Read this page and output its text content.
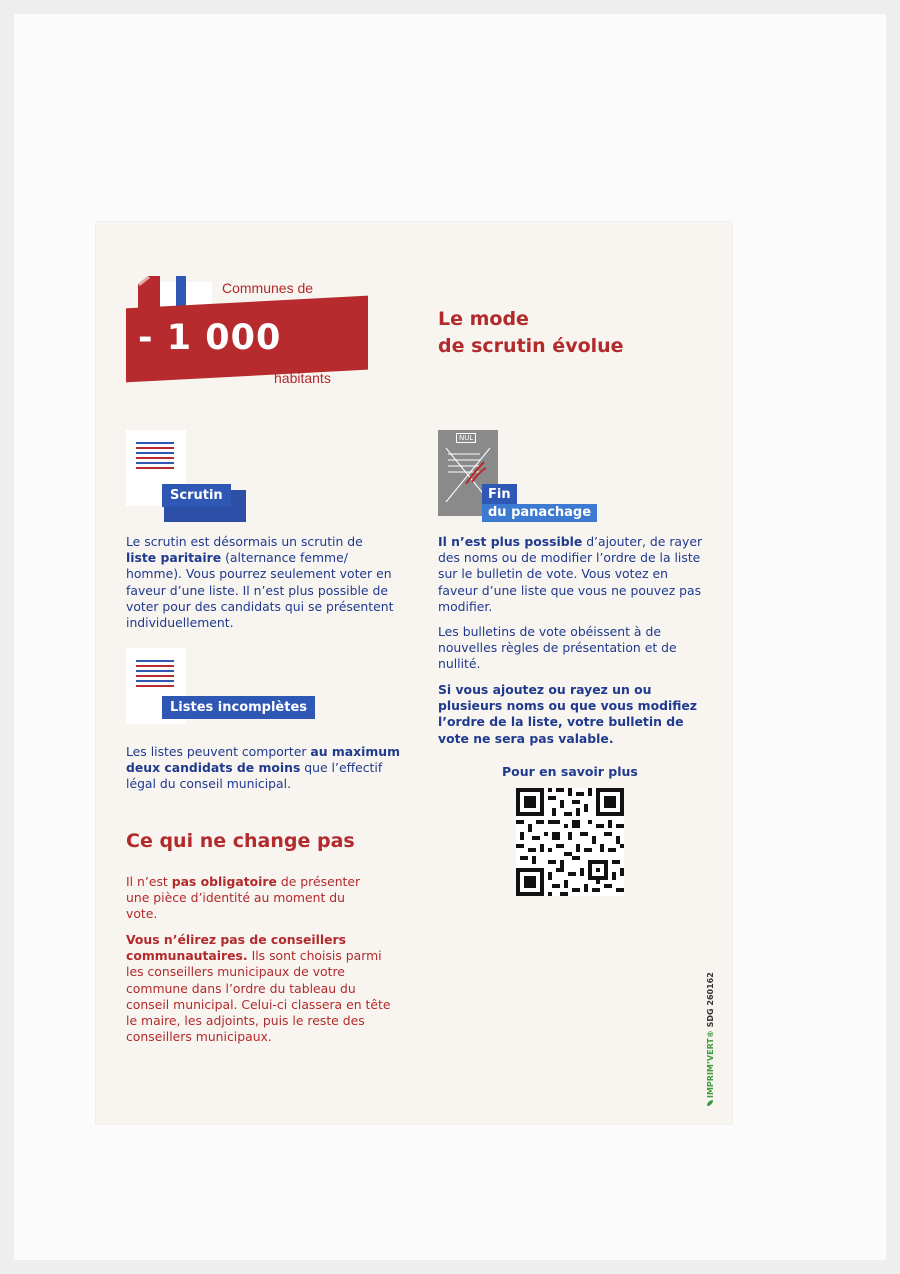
- 1 000
Communes de
habitants
Le mode
de scrutin évolue
Scrutin
Le scrutin est désormais un scrutin de liste paritaire (alternance femme/ homme). Vous pourrez seulement voter en faveur d’une liste. Il n’est plus possible de voter pour des candidats qui se présentent individuellement.
Listes incomplètes
Les listes peuvent comporter au maximum deux candidats de moins que l’effectif légal du conseil municipal.
Ce qui ne change pas
Il n’est pas obligatoire de présenter une pièce d’identité au moment du vote.
Vous n’élirez pas de conseillers communautaires. Ils sont choisis parmi les conseillers municipaux de votre commune dans l’ordre du tableau du conseil municipal. Celui-ci classera en tête le maire, les adjoints, puis le reste des conseillers municipaux.
NUL
Fin
du panachage
Il n’est plus possible d’ajouter, de rayer des noms ou de modifier l’ordre de la liste sur le bulletin de vote. Vous votez en faveur d’une liste que vous ne pouvez pas modifier.
Les bulletins de vote obéissent à de nouvelles règles de présentation et de nullité.
Si vous ajoutez ou rayez un ou plusieurs noms ou que vous modifiez l’ordre de la liste, votre bulletin de vote ne sera pas valable.
Pour en savoir plus
IMPRIM’VERT® SDG 260162
